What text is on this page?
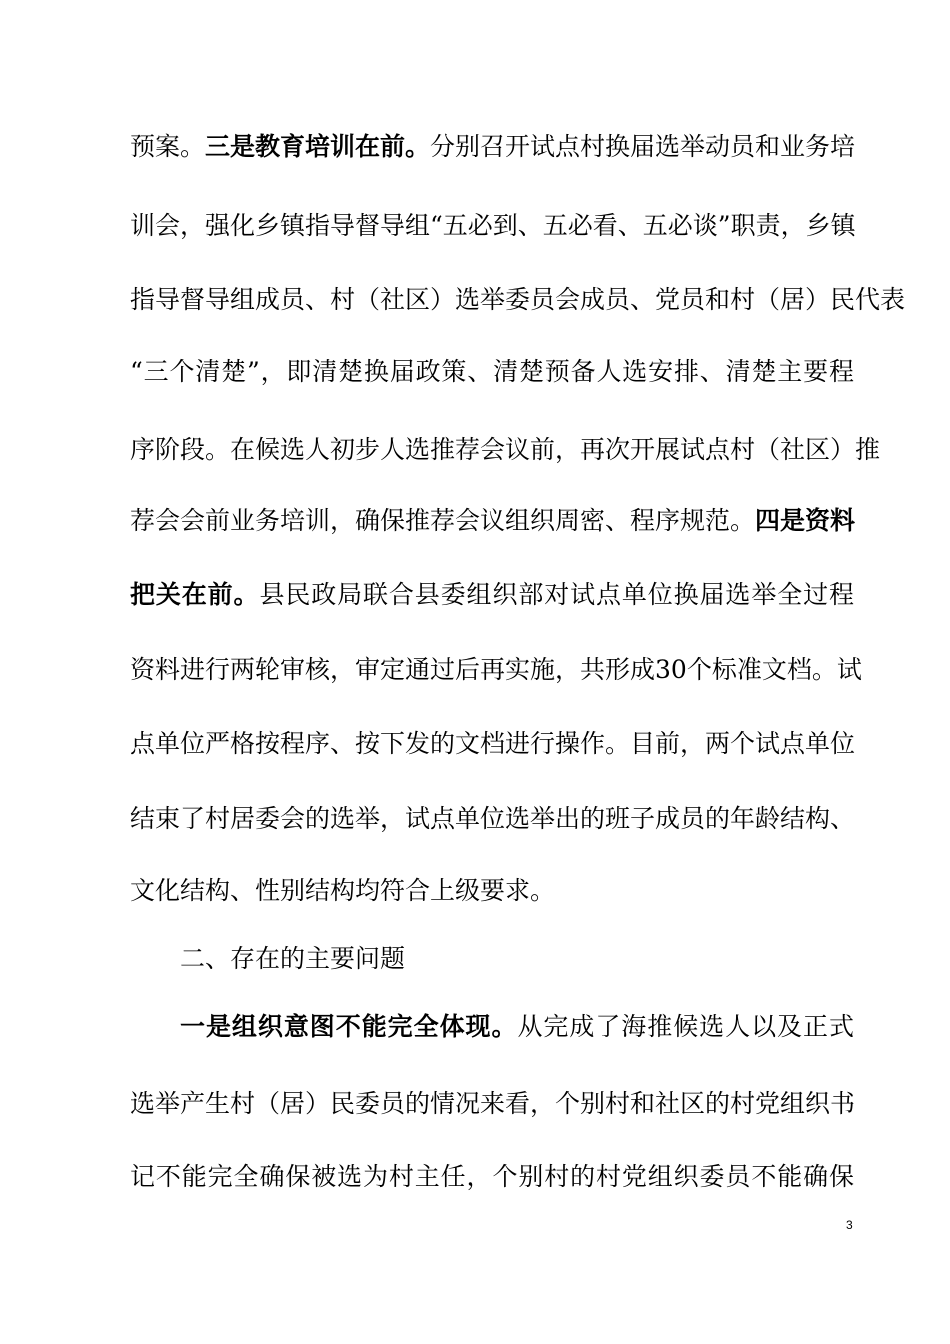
预案。三是教育培训在前。分别召开试点村换届选举动员和业务培
训会，强化乡镇指导督导组“五必到、五必看、五必谈”职责，乡镇
指导督导组成员、村（社区）选举委员会成员、党员和村（居）民代表
“三个清楚”，即清楚换届政策、清楚预备人选安排、清楚主要程
序阶段。在候选人初步人选推荐会议前，再次开展试点村（社区）推
荐会会前业务培训，确保推荐会议组织周密、程序规范。四是资料
把关在前。县民政局联合县委组织部对试点单位换届选举全过程
资料进行两轮审核，审定通过后再实施，共形成30个标准文档。试
点单位严格按程序、按下发的文档进行操作。目前，两个试点单位
结束了村居委会的选举，试点单位选举出的班子成员的年龄结构、
文化结构、性别结构均符合上级要求。
二、存在的主要问题
一是组织意图不能完全体现。从完成了海推候选人以及正式
选举产生村（居）民委员的情况来看，个别村和社区的村党组织书
记不能完全确保被选为村主任，个别村的村党组织委员不能确保
3
